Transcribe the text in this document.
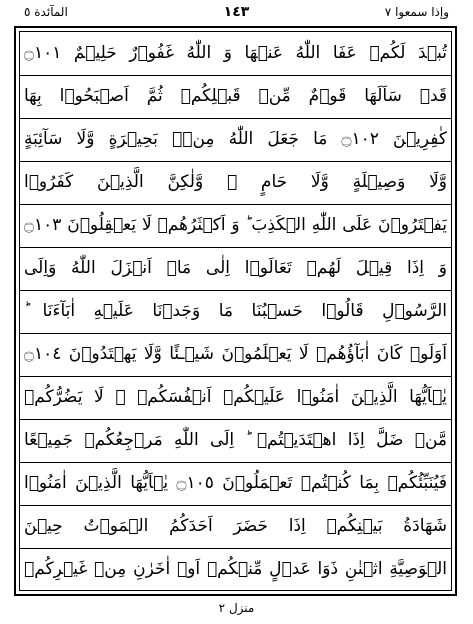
المآئدة ٥	١٤٣	وإذا سمعوا ٧
تُبۡدَ لَكُمۡ عَفَا اللّٰهُ عَنۡهَا وَ اللّٰهُ غَفُوۡرٌ حَلِيۡمٌ ۝١٠١
قَدۡ سَاَلَهَا قَوۡمٌ مِّنۡ قَبۡلِكُمۡ ثُمَّ اَصۡبَحُوۡا بِهَا
كٰفِرِيۡنَ ۝١٠٢ مَا جَعَلَ اللّٰهُ مِنۡۢ بَحِيۡرَةٍ وَّلَا سَآئِبَةٍ
وَّلَا وَصِيۡلَةٍ وَّلَا حَامٍ ۙ وَّلٰكِنَّ الَّذِيۡنَ كَفَرُوۡا
يَفۡتَرُوۡنَ عَلَى اللّٰهِ الۡكَذِبَ ؕ وَ اَكۡثَرُهُمۡ لَا يَعۡقِلُوۡنَ ۝١٠٣
وَ اِذَا قِيۡلَ لَهُمۡ تَعَالَوۡا اِلٰى مَاۤ اَنۡزَلَ اللّٰهُ وَاِلَى
الرَّسُوۡلِ قَالُوۡا حَسۡبُنَا مَا وَجَدۡنَا عَلَيۡهِ اٰبَآءَنَا ؕ
اَوَلَوۡ كَانَ اٰبَآؤُهُمۡ لَا يَعۡلَمُوۡنَ شَيۡـئًا وَّلَا يَهۡتَدُوۡنَ ۝١٠٤
يٰۤاَيُّهَا الَّذِيۡنَ اٰمَنُوۡا عَلَيۡكُمۡ اَنۡفُسَكُمۡ ۚ لَا يَضُرُّكُمۡ
مَّنۡ ضَلَّ اِذَا اهۡتَدَيۡتُمۡ ؕ اِلَى اللّٰهِ مَرۡجِعُكُمۡ جَمِيۡعًا
فَيُنَبِّئُكُمۡ بِمَا كُنۡتُمۡ تَعۡمَلُوۡنَ ۝١٠٥ يٰۤاَيُّهَا الَّذِيۡنَ اٰمَنُوۡا
شَهَادَةُ بَيۡنِكُمۡ اِذَا حَضَرَ اَحَدَكُمُ الۡمَوۡتُ حِيۡنَ
الۡوَصِيَّةِ اثۡنٰنِ ذَوَا عَدۡلٍ مِّنۡكُمۡ اَوۡ اٰخَرٰنِ مِنۡ غَيۡرِكُمۡ
منزل ٢
